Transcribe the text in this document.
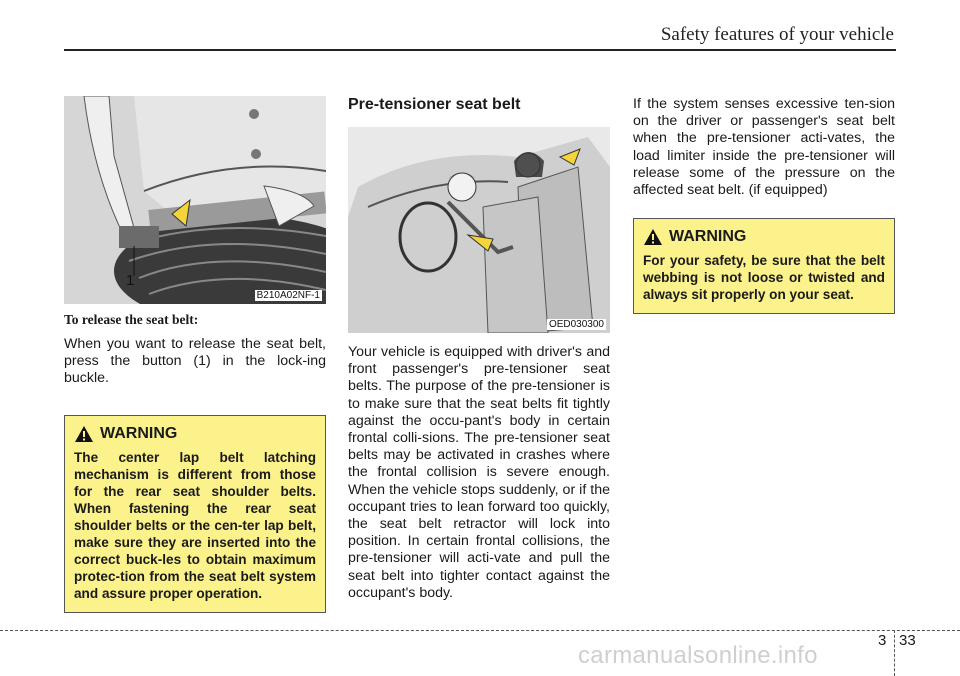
Safety features of your vehicle
1
B210A02NF-1

To release the seat belt:

When you want to release the seat belt, press the button (1) in the lock-ing buckle.

WARNING

The center lap belt latching mechanism is different from those for the rear seat shoulder belts. When fastening the rear seat shoulder belts or the cen-ter lap belt, make sure they are inserted into the correct buck-les to obtain maximum protec-tion from the seat belt system and assure proper operation.

Pre-tensioner seat belt
OED030300

Your vehicle is equipped with driver's and front passenger's pre-tensioner seat belts. The purpose of the pre-tensioner is to make sure that the seat belts fit tightly against the occu-pant's body in certain frontal colli-sions. The pre-tensioner seat belts may be activated in crashes where the frontal collision is severe enough. When the vehicle stops suddenly, or if the occupant tries to lean forward too quickly, the seat belt retractor will lock into position. In certain frontal collisions, the pre-tensioner will acti-vate and pull the seat belt into tighter contact against the occupant's body.

If the system senses excessive ten-sion on the driver or passenger's seat belt when the pre-tensioner acti-vates, the load limiter inside the pre-tensioner will release some of the pressure on the affected seat belt. (if equipped)

WARNING

For your safety, be sure that the belt webbing is not loose or twisted and always sit properly on your seat.

3 33
carmanualsonline.info
